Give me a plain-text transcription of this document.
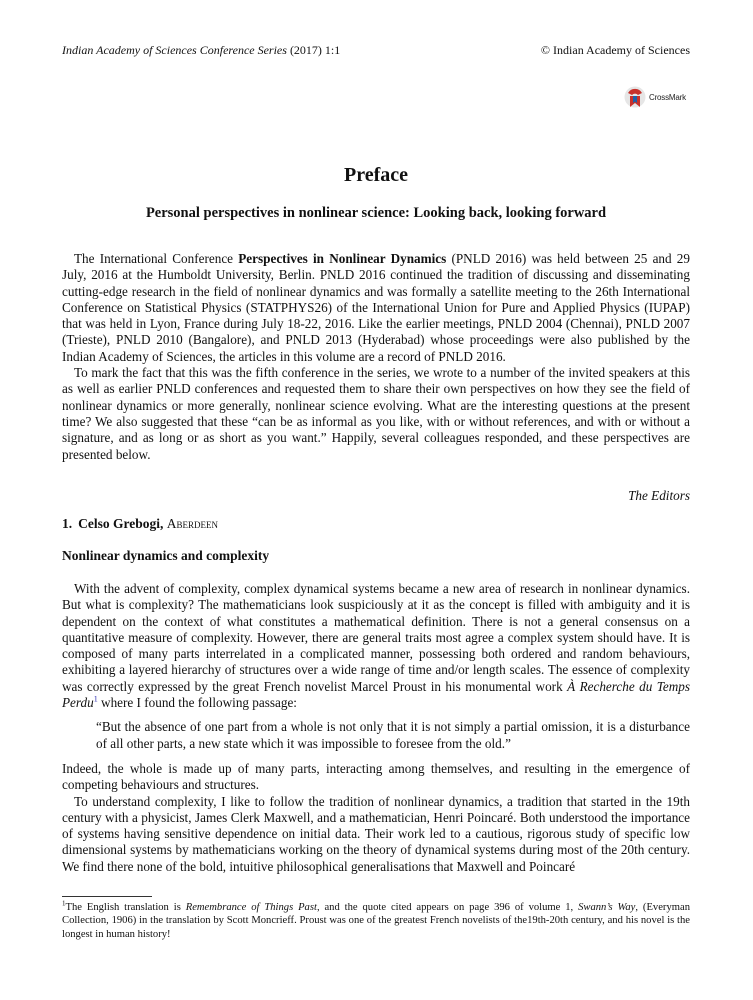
Indian Academy of Sciences Conference Series (2017) 1:1	© Indian Academy of Sciences
CrossMark
Preface
Personal perspectives in nonlinear science: Looking back, looking forward

The International Conference Perspectives in Nonlinear Dynamics (PNLD 2016) was held between 25 and 29 July, 2016 at the Humboldt University, Berlin. PNLD 2016 continued the tradition of discussing and disseminating cutting-edge research in the field of nonlinear dynamics and was formally a satellite meeting to the 26th International Conference on Statistical Physics (STATPHYS26) of the International Union for Pure and Applied Physics (IUPAP) that was held in Lyon, France during July 18-22, 2016. Like the earlier meetings, PNLD 2004 (Chennai), PNLD 2007 (Trieste), PNLD 2010 (Bangalore), and PNLD 2013 (Hyderabad) whose proceedings were also published by the Indian Academy of Sciences, the articles in this volume are a record of PNLD 2016.

To mark the fact that this was the fifth conference in the series, we wrote to a number of the invited speakers at this as well as earlier PNLD conferences and requested them to share their own perspectives on how they see the field of nonlinear dynamics or more generally, nonlinear science evolving. What are the interesting questions at the present time? We also suggested that these “can be as informal as you like, with or without references, and with or without a signature, and as long or as short as you want.” Happily, several colleagues responded, and these perspectives are presented below.

The Editors
1. Celso Grebogi, Aberdeen
Nonlinear dynamics and complexity

With the advent of complexity, complex dynamical systems became a new area of research in nonlinear dynamics. But what is complexity? The mathematicians look suspiciously at it as the concept is filled with ambiguity and it is dependent on the context of what constitutes a mathematical definition. There is not a general consensus on a quantitative measure of complexity. However, there are general traits most agree a complex system should have. It is composed of many parts interrelated in a complicated manner, possessing both ordered and random behaviours, exhibiting a layered hierarchy of structures over a wide range of time and/or length scales. The essence of complexity was correctly expressed by the great French novelist Marcel Proust in his monumental work À Recherche du Temps Perdu$^1$ where I found the following passage:

“But the absence of one part from a whole is not only that it is not simply a partial omission, it is a disturbance of all other parts, a new state which it was impossible to foresee from the old.”

Indeed, the whole is made up of many parts, interacting among themselves, and resulting in the emergence of competing behaviours and structures.

To understand complexity, I like to follow the tradition of nonlinear dynamics, a tradition that started in the 19th century with a physicist, James Clerk Maxwell, and a mathematician, Henri Poincaré. Both understood the importance of systems having sensitive dependence on initial data. Their work led to a cautious, rigorous study of specific low dimensional systems by mathematicians working on the theory of dynamical systems during most of the 20th century. We find there none of the bold, intuitive philosophical generalisations that Maxwell and Poincaré

$^1$The English translation is Remembrance of Things Past, and the quote cited appears on page 396 of volume 1, Swann’s Way, (Everyman Collection, 1906) in the translation by Scott Moncrieff. Proust was one of the greatest French novelists of the19th-20th century, and his novel is the longest in human history!
